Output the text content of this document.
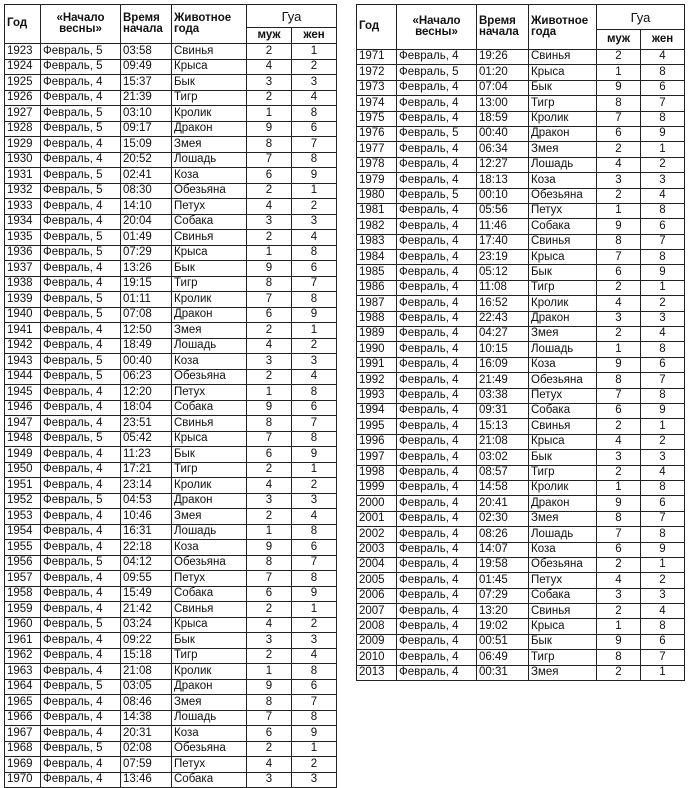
Год	«Начало весны»	Время начала	Животное года	Гуа	
				муж	жен
1923	Февраль, 5	03:58	Свинья	2	1
1924	Февраль, 5	09:49	Крыса	4	2
1925	Февраль, 4	15:37	Бык	3	3
1926	Февраль, 4	21:39	Тигр	2	4
1927	Февраль, 5	03:10	Кролик	1	8
1928	Февраль, 5	09:17	Дракон	9	6
1929	Февраль, 4	15:09	Змея	8	7
1930	Февраль, 4	20:52	Лошадь	7	8
1931	Февраль, 5	02:41	Коза	6	9
1932	Февраль, 5	08:30	Обезьяна	2	1
1933	Февраль, 4	14:10	Петух	4	2
1934	Февраль, 4	20:04	Собака	3	3
1935	Февраль, 5	01:49	Свинья	2	4
1936	Февраль, 5	07:29	Крыса	1	8
1937	Февраль, 4	13:26	Бык	9	6
1938	Февраль, 4	19:15	Тигр	8	7
1939	Февраль, 5	01:11	Кролик	7	8
1940	Февраль, 5	07:08	Дракон	6	9
1941	Февраль, 4	12:50	Змея	2	1
1942	Февраль, 4	18:49	Лошадь	4	2
1943	Февраль, 5	00:40	Коза	3	3
1944	Февраль, 5	06:23	Обезьяна	2	4
1945	Февраль, 4	12:20	Петух	1	8
1946	Февраль, 4	18:04	Собака	9	6
1947	Февраль, 4	23:51	Свинья	8	7
1948	Февраль, 5	05:42	Крыса	7	8
1949	Февраль, 4	11:23	Бык	6	9
1950	Февраль, 4	17:21	Тигр	2	1
1951	Февраль, 4	23:14	Кролик	4	2
1952	Февраль, 5	04:53	Дракон	3	3
1953	Февраль, 4	10:46	Змея	2	4
1954	Февраль, 4	16:31	Лошадь	1	8
1955	Февраль, 4	22:18	Коза	9	6
1956	Февраль, 5	04:12	Обезьяна	8	7
1957	Февраль, 4	09:55	Петух	7	8
1958	Февраль, 4	15:49	Собака	6	9
1959	Февраль, 4	21:42	Свинья	2	1
1960	Февраль, 5	03:24	Крыса	4	2
1961	Февраль, 4	09:22	Бык	3	3
1962	Февраль, 4	15:18	Тигр	2	4
1963	Февраль, 4	21:08	Кролик	1	8
1964	Февраль, 5	03:05	Дракон	9	6
1965	Февраль, 4	08:46	Змея	8	7
1966	Февраль, 4	14:38	Лошадь	7	8
1967	Февраль, 4	20:31	Коза	6	9
1968	Февраль, 5	02:08	Обезьяна	2	1
1969	Февраль, 4	07:59	Петух	4	2
1970	Февраль, 4	13:46	Собака	3	3
Год	«Начало весны»	Время начала	Животное года	Гуа	
				муж	жен
1971	Февраль, 4	19:26	Свинья	2	4
1972	Февраль, 5	01:20	Крыса	1	8
1973	Февраль, 4	07:04	Бык	9	6
1974	Февраль, 4	13:00	Тигр	8	7
1975	Февраль, 4	18:59	Кролик	7	8
1976	Февраль, 5	00:40	Дракон	6	9
1977	Февраль, 4	06:34	Змея	2	1
1978	Февраль, 4	12:27	Лошадь	4	2
1979	Февраль, 4	18:13	Коза	3	3
1980	Февраль, 5	00:10	Обезьяна	2	4
1981	Февраль, 4	05:56	Петух	1	8
1982	Февраль, 4	11:46	Собака	9	6
1983	Февраль, 4	17:40	Свинья	8	7
1984	Февраль, 4	23:19	Крыса	7	8
1985	Февраль, 4	05:12	Бык	6	9
1986	Февраль, 4	11:08	Тигр	2	1
1987	Февраль, 4	16:52	Кролик	4	2
1988	Февраль, 4	22:43	Дракон	3	3
1989	Февраль, 4	04:27	Змея	2	4
1990	Февраль, 4	10:15	Лошадь	1	8
1991	Февраль, 4	16:09	Коза	9	6
1992	Февраль, 4	21:49	Обезьяна	8	7
1993	Февраль, 4	03:38	Петух	7	8
1994	Февраль, 4	09:31	Собака	6	9
1995	Февраль, 4	15:13	Свинья	2	1
1996	Февраль, 4	21:08	Крыса	4	2
1997	Февраль, 4	03:02	Бык	3	3
1998	Февраль, 4	08:57	Тигр	2	4
1999	Февраль, 4	14:58	Кролик	1	8
2000	Февраль, 4	20:41	Дракон	9	6
2001	Февраль, 4	02:30	Змея	8	7
2002	Февраль, 4	08:26	Лошадь	7	8
2003	Февраль, 4	14:07	Коза	6	9
2004	Февраль, 4	19:58	Обезьяна	2	1
2005	Февраль, 4	01:45	Петух	4	2
2006	Февраль, 4	07:29	Собака	3	3
2007	Февраль, 4	13:20	Свинья	2	4
2008	Февраль, 4	19:02	Крыса	1	8
2009	Февраль, 4	00:51	Бык	9	6
2010	Февраль, 4	06:49	Тигр	8	7
2013	Февраль, 4	00:31	Змея	2	1
